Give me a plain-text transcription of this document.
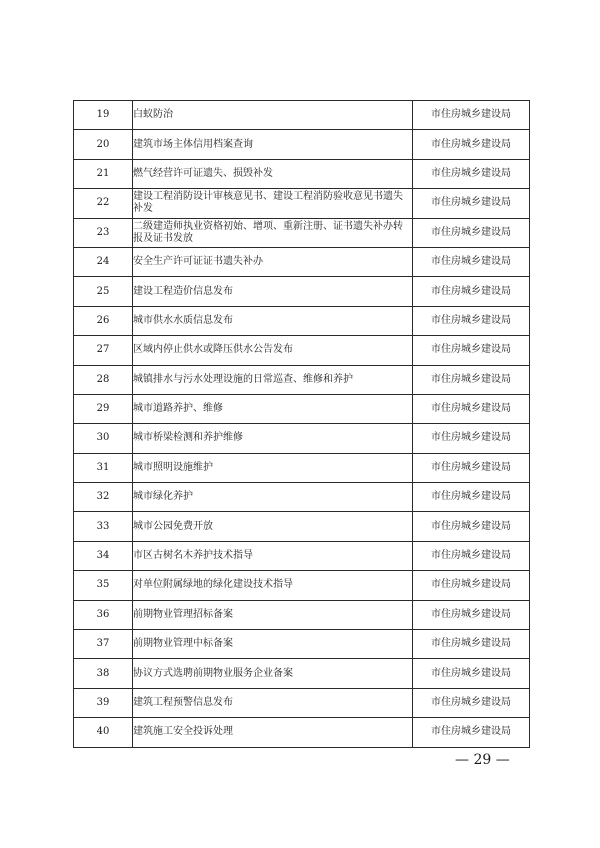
19	白蚁防治	市住房城乡建设局
20	建筑市场主体信用档案查询	市住房城乡建设局
21	燃气经营许可证遗失、损毁补发	市住房城乡建设局
22	建设工程消防设计审核意见书、建设工程消防验收意见书遗失补发	市住房城乡建设局
23	二级建造师执业资格初始、增项、重新注册、证书遗失补办转报及证书发放	市住房城乡建设局
24	安全生产许可证证书遗失补办	市住房城乡建设局
25	建设工程造价信息发布	市住房城乡建设局
26	城市供水水质信息发布	市住房城乡建设局
27	区域内停止供水或降压供水公告发布	市住房城乡建设局
28	城镇排水与污水处理设施的日常巡查、维修和养护	市住房城乡建设局
29	城市道路养护、维修	市住房城乡建设局
30	城市桥梁检测和养护维修	市住房城乡建设局
31	城市照明设施维护	市住房城乡建设局
32	城市绿化养护	市住房城乡建设局
33	城市公园免费开放	市住房城乡建设局
34	市区古树名木养护技术指导	市住房城乡建设局
35	对单位附属绿地的绿化建设技术指导	市住房城乡建设局
36	前期物业管理招标备案	市住房城乡建设局
37	前期物业管理中标备案	市住房城乡建设局
38	协议方式选聘前期物业服务企业备案	市住房城乡建设局
39	建筑工程预警信息发布	市住房城乡建设局
40	建筑施工安全投诉处理	市住房城乡建设局
— 29 —
